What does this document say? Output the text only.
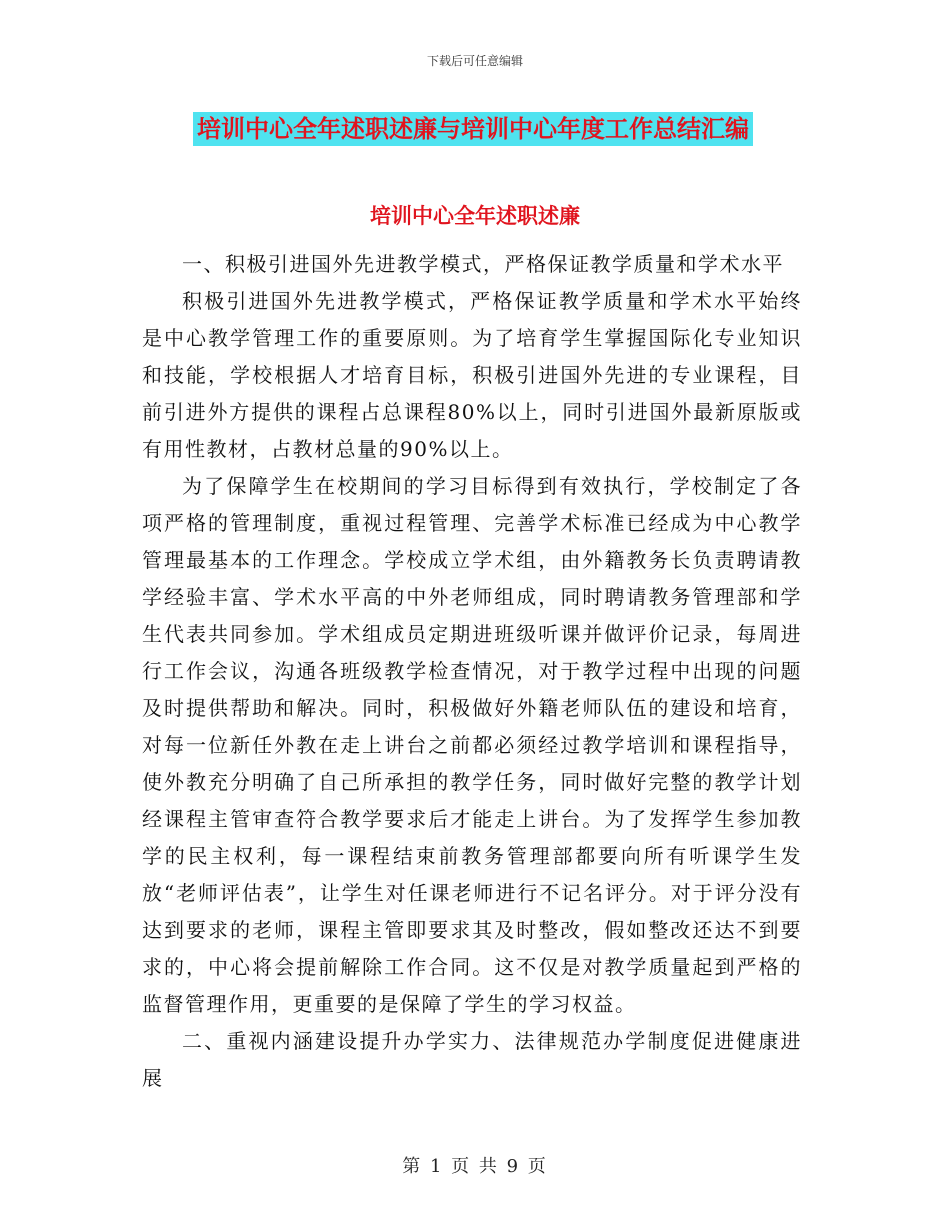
下载后可任意编辑
培训中心全年述职述廉与培训中心年度工作总结汇编
培训中心全年述职述廉

一、积极引进国外先进教学模式，严格保证教学质量和学术水平

积极引进国外先进教学模式，严格保证教学质量和学术水平始终是中心教学管理工作的重要原则。为了培育学生掌握国际化专业知识和技能，学校根据人才培育目标，积极引进国外先进的专业课程，目前引进外方提供的课程占总课程80%以上，同时引进国外最新原版或有用性教材，占教材总量的90%以上。

为了保障学生在校期间的学习目标得到有效执行，学校制定了各项严格的管理制度，重视过程管理、完善学术标准已经成为中心教学管理最基本的工作理念。学校成立学术组，由外籍教务长负责聘请教学经验丰富、学术水平高的中外老师组成，同时聘请教务管理部和学生代表共同参加。学术组成员定期进班级听课并做评价记录，每周进行工作会议，沟通各班级教学检查情况，对于教学过程中出现的问题及时提供帮助和解决。同时，积极做好外籍老师队伍的建设和培育，对每一位新任外教在走上讲台之前都必须经过教学培训和课程指导，使外教充分明确了自己所承担的教学任务，同时做好完整的教学计划经课程主管审查符合教学要求后才能走上讲台。为了发挥学生参加教学的民主权利，每一课程结束前教务管理部都要向所有听课学生发放“老师评估表”，让学生对任课老师进行不记名评分。对于评分没有达到要求的老师，课程主管即要求其及时整改，假如整改还达不到要求的，中心将会提前解除工作合同。这不仅是对教学质量起到严格的监督管理作用，更重要的是保障了学生的学习权益。

二、重视内涵建设提升办学实力、法律规范办学制度促进健康进展

第 1 页 共 9 页
